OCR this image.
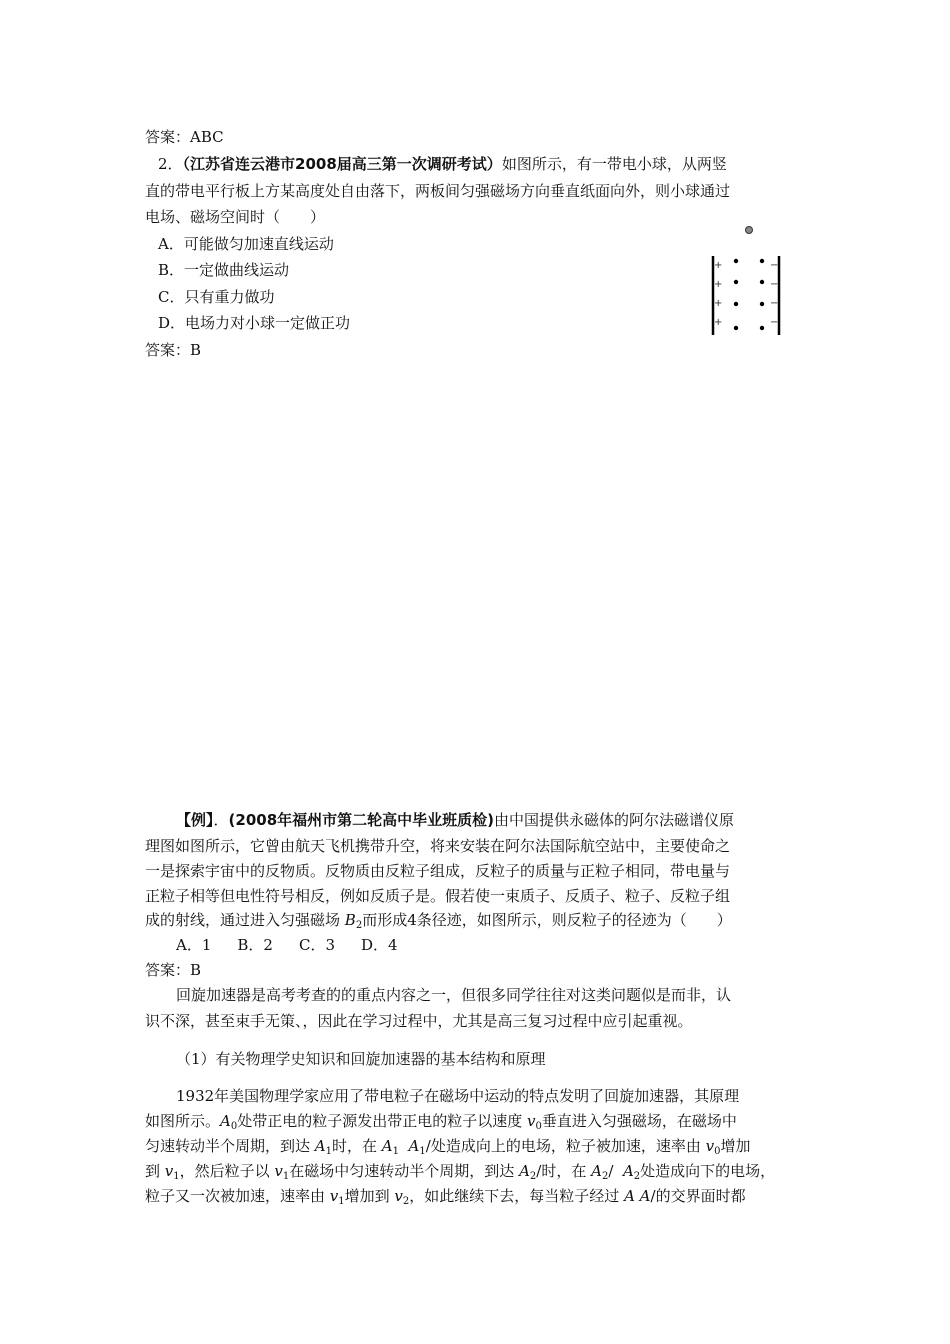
答案：ABC
2．（江苏省连云港市2008届高三第一次调研考试）如图所示，有一带电小球，从两竖
直的带电平行板上方某高度处自由落下，两板间匀强磁场方向垂直纸面向外，则小球通过
电场、磁场空间时（　　）
A．可能做匀加速直线运动
B．一定做曲线运动
C．只有重力做功
D．电场力对小球一定做正功
答案：B
+
+
+
+
−
−
−
−
【例】．(2008年福州市第二轮高中毕业班质检)由中国提供永磁体的阿尔法磁谱仪原
理图如图所示，它曾由航天飞机携带升空，将来安装在阿尔法国际航空站中，主要使命之
一是探索宇宙中的反物质。反物质由反粒子组成，反粒子的质量与正粒子相同，带电量与
正粒子相等但电性符号相反，例如反质子是。假若使一束质子、反质子、粒子、反粒子组
成的射线，通过进入匀强磁场 $B_2$而形成4条径迹，如图所示，则反粒子的径迹为（　　）
A．1 B．2 C．3 D．4
答案：B
回旋加速器是高考考查的的重点内容之一，但很多同学往往对这类问题似是而非，认
识不深，甚至束手无策、，因此在学习过程中，尤其是高三复习过程中应引起重视。
（1）有关物理学史知识和回旋加速器的基本结构和原理
1932年美国物理学家应用了带电粒子在磁场中运动的特点发明了回旋加速器，其原理
如图所示。$A_0$处带正电的粒子源发出带正电的粒子以速度 $v_0$垂直进入匀强磁场，在磁场中
匀速转动半个周期，到达 $A_1$时，在 $A_1$  $A_1/$处造成向上的电场，粒子被加速，速率由 $v_0$增加
到 $v_1$，然后粒子以 $v_1$在磁场中匀速转动半个周期，到达 $A_2/$时，在 $A_2/$  $A_2$处造成向下的电场，
粒子又一次被加速，速率由 $v_1$增加到 $v_2$，如此继续下去，每当粒子经过 A A/的交界面时都
